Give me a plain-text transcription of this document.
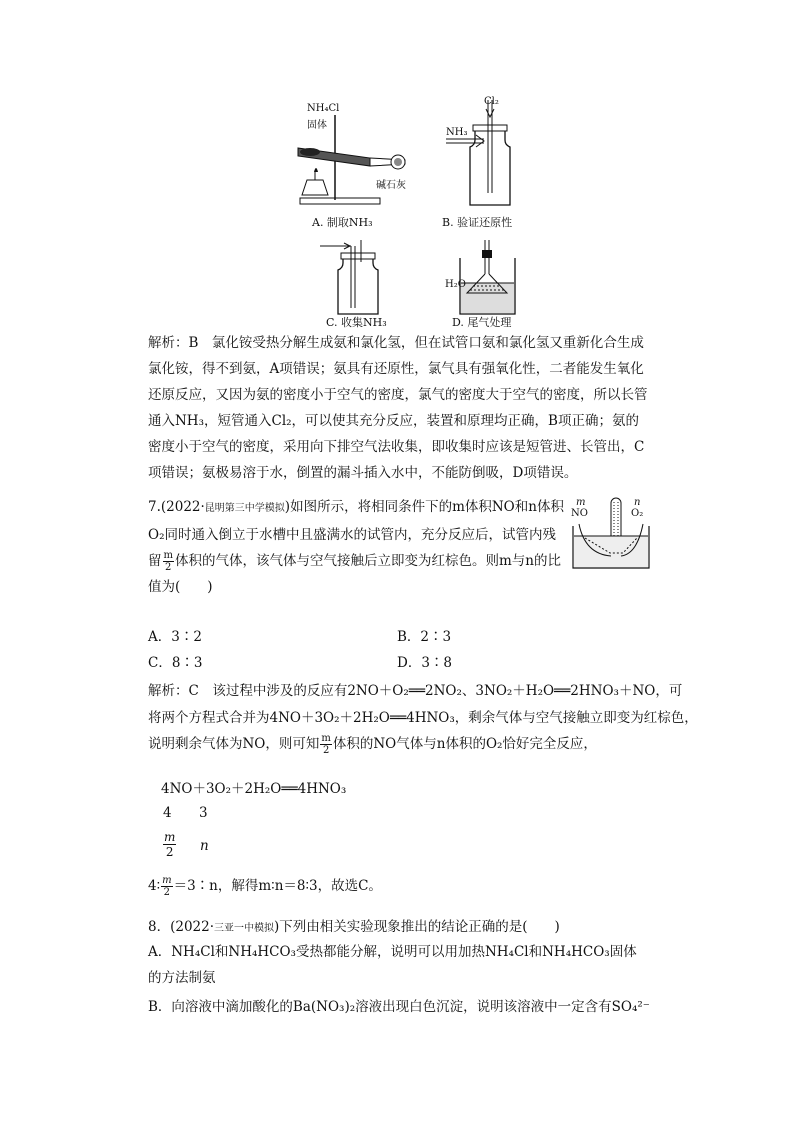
NH₄Cl
固体
碱石灰
A. 制取NH₃
Cl₂
NH₃
B. 验证还原性
C. 收集NH₃
H₂O
D. 尾气处理

解析：B　氯化铵受热分解生成氨和氯化氢，但在试管口氨和氯化氢又重新化合生成氯化铵，得不到氨，A项错误；氨具有还原性，氯气具有强氧化性，二者能发生氧化还原反应，又因为氨的密度小于空气的密度，氯气的密度大于空气的密度，所以长管通入NH₃，短管通入Cl₂，可以使其充分反应，装置和原理均正确，B项正确；氨的密度小于空气的密度，采用向下排空气法收集，即收集时应该是短管进、长管出，C项错误；氨极易溶于水，倒置的漏斗插入水中，不能防倒吸，D项错误。

7.(2022·昆明第三中学模拟)如图所示，将相同条件下的m体积NO和n体积O₂同时通入倒立于水槽中且盛满水的试管内，充分反应后，试管内残留 $\frac{m}{2}$ 体积的气体，该气体与空气接触后立即变为红棕色。则m与n的比值为(　　)

m
NO
n
O₂
A．3∶2	B．2∶3
C．8∶3	D．3∶8
解析：C　该过程中涉及的反应有2NO＋O₂══2NO₂、3NO₂＋H₂O══2HNO₃＋NO，可
将两个方程式合并为4NO＋3O₂＋2H₂O══4HNO₃，剩余气体与空气接触立即变为红棕色，
说明剩余气体为NO，则可知 $\frac{m}{2}$ 体积的NO气体与n体积的O₂恰好完全反应，
4NO＋3O₂＋2H₂O══4HNO₃
4 3
$\frac{m}{2}$ n
4∶ $\frac{m}{2}$ ＝3∶n，解得m∶n＝8∶3，故选C。
8．(2022·三亚一中模拟)下列由相关实验现象推出的结论正确的是(　　)

A．NH₄Cl和NH₄HCO₃受热都能分解，说明可以用加热NH₄Cl和NH₄HCO₃固体的方法制氨

B．向溶液中滴加酸化的Ba(NO₃)₂溶液出现白色沉淀，说明该溶液中一定含有SO₄²⁻
